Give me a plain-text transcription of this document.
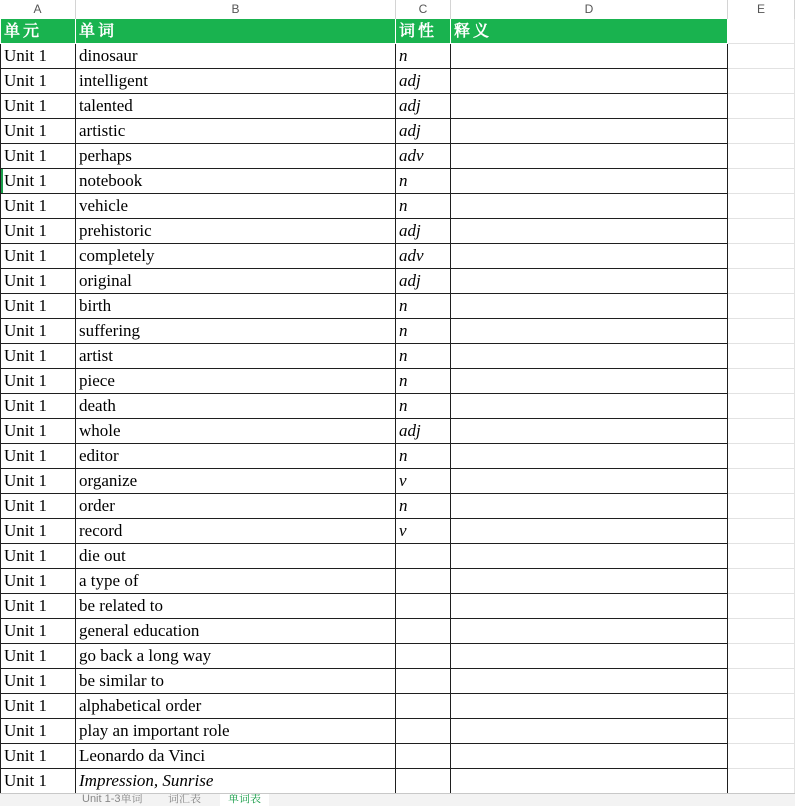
A	B	C	D	E
单元	单词	词性	释义
Unit 1	dinosaur	n
Unit 1	intelligent	adj
Unit 1	talented	adj
Unit 1	artistic	adj
Unit 1	perhaps	adv
Unit 1	notebook	n
Unit 1	vehicle	n
Unit 1	prehistoric	adj
Unit 1	completely	adv
Unit 1	original	adj
Unit 1	birth	n
Unit 1	suffering	n
Unit 1	artist	n
Unit 1	piece	n
Unit 1	death	n
Unit 1	whole	adj
Unit 1	editor	n
Unit 1	organize	v
Unit 1	order	n
Unit 1	record	v
Unit 1	die out
Unit 1	a type of
Unit 1	be related to
Unit 1	general education
Unit 1	go back a long way
Unit 1	be similar to
Unit 1	alphabetical order
Unit 1	play an important role
Unit 1	Leonardo da Vinci
Unit 1	Impression, Sunrise
Unit 1-3单词	词汇表	单词表
